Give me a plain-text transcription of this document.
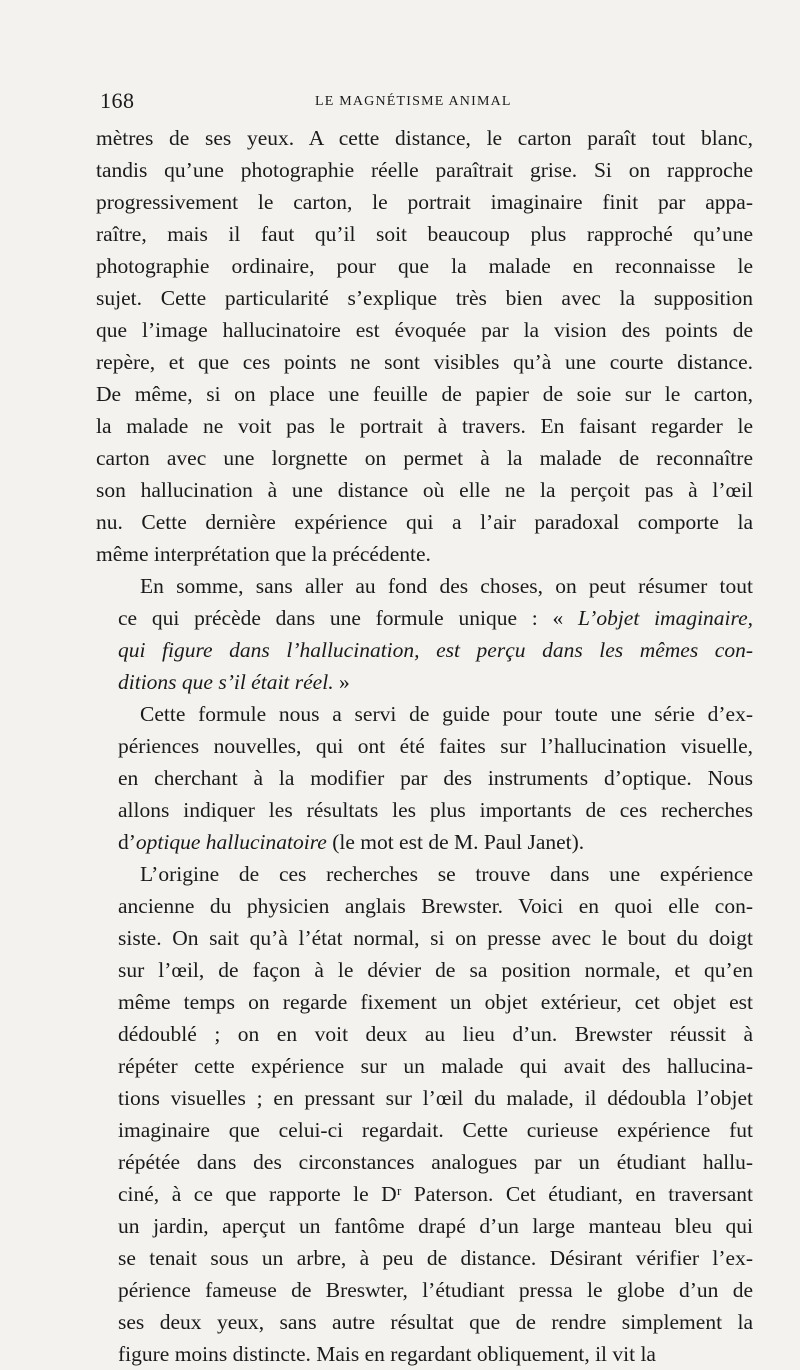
168	LE MAGNÉTISME ANIMAL
mètres de ses yeux. A cette distance, le carton paraît tout blanc,
tandis qu’une photographie réelle paraîtrait grise. Si on rapproche
progressivement le carton, le portrait imaginaire finit par appa-
raître, mais il faut qu’il soit beaucoup plus rapproché qu’une
photographie ordinaire, pour que la malade en reconnaisse le
sujet. Cette particularité s’explique très bien avec la supposition
que l’image hallucinatoire est évoquée par la vision des points de
repère, et que ces points ne sont visibles qu’à une courte distance.
De même, si on place une feuille de papier de soie sur le carton,
la malade ne voit pas le portrait à travers. En faisant regarder le
carton avec une lorgnette on permet à la malade de reconnaître
son hallucination à une distance où elle ne la perçoit pas à l’œil
nu. Cette dernière expérience qui a l’air paradoxal comporte la
même interprétation que la précédente.
En somme, sans aller au fond des choses, on peut résumer tout
ce qui précède dans une formule unique : « L’objet imaginaire,
qui figure dans l’hallucination, est perçu dans les mêmes con-
ditions que s’il était réel. »
Cette formule nous a servi de guide pour toute une série d’ex-
périences nouvelles, qui ont été faites sur l’hallucination visuelle,
en cherchant à la modifier par des instruments d’optique. Nous
allons indiquer les résultats les plus importants de ces recherches
d’optique hallucinatoire (le mot est de M. Paul Janet).
L’origine de ces recherches se trouve dans une expérience
ancienne du physicien anglais Brewster. Voici en quoi elle con-
siste. On sait qu’à l’état normal, si on presse avec le bout du doigt
sur l’œil, de façon à le dévier de sa position normale, et qu’en
même temps on regarde fixement un objet extérieur, cet objet est
dédoublé ; on en voit deux au lieu d’un. Brewster réussit à
répéter cette expérience sur un malade qui avait des hallucina-
tions visuelles ; en pressant sur l’œil du malade, il dédoubla l’objet
imaginaire que celui-ci regardait. Cette curieuse expérience fut
répétée dans des circonstances analogues par un étudiant hallu-
ciné, à ce que rapporte le Dʳ Paterson. Cet étudiant, en traversant
un jardin, aperçut un fantôme drapé d’un large manteau bleu qui
se tenait sous un arbre, à peu de distance. Désirant vérifier l’ex-
périence fameuse de Breswter, l’étudiant pressa le globe d’un de
ses deux yeux, sans autre résultat que de rendre simplement la
figure moins distincte. Mais en regardant obliquement, il vit la
